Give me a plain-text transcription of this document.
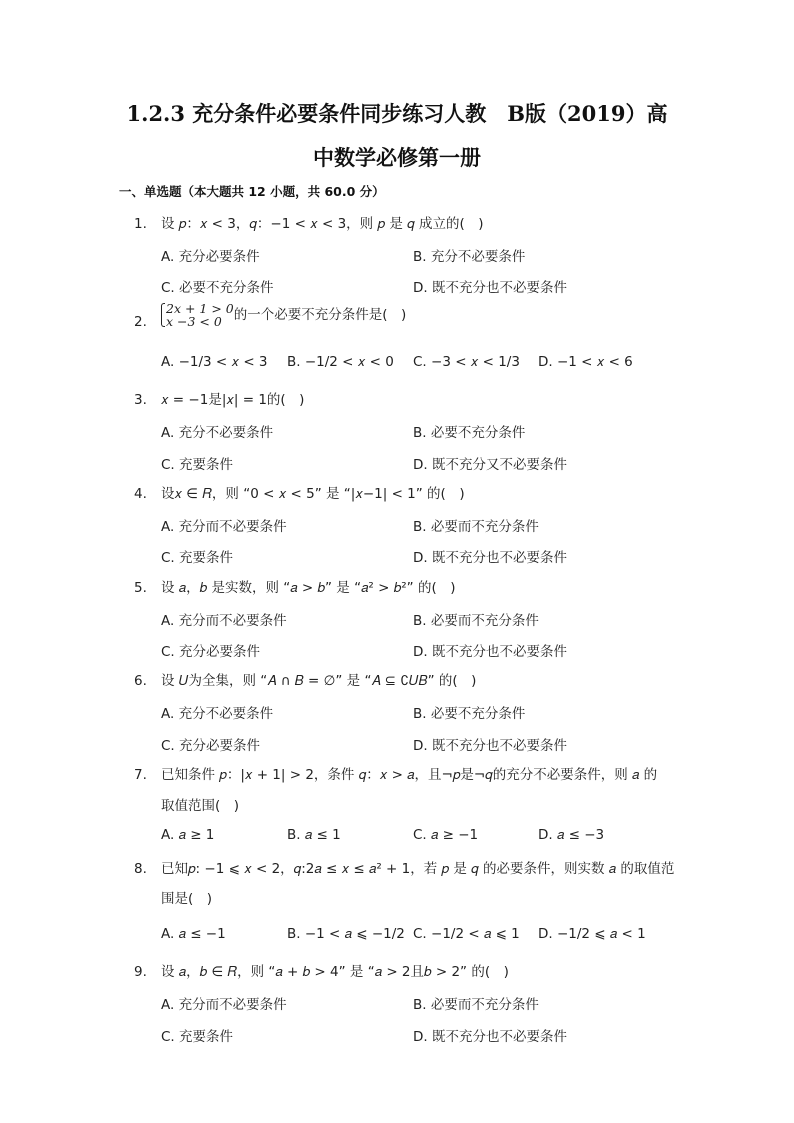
1.2.3 充分条件必要条件同步练习人教　B版（2019）高
中数学必修第一册
一、单选题（本大题共 12 小题，共 60.0 分）
1.	设 𝑝：𝑥 < 3，𝑞：−1 < 𝑥 < 3，则 𝑝 是 𝑞 成立的(　)
A. 充分必要条件	B. 充分不必要条件
C. 必要不充分条件	D. 既不充分也不必要条件
2.
2𝑥 + 1 > 0
𝑥 −3 < 0 的一个必要不充分条件是(　)
A. −1/3 < 𝑥 < 3 B. −1/2 < 𝑥 < 0 C. −3 < 𝑥 < 1/3 D. −1 < 𝑥 < 6
3.	𝑥 = −1是|𝑥| = 1的(　)
A. 充分不必要条件	B. 必要不充分条件
C. 充要条件	D. 既不充分又不必要条件
4.	设𝑥 ∈ 𝑅，则 “0 < 𝑥 < 5” 是 “|𝑥−1| < 1” 的(　)
A. 充分而不必要条件	B. 必要而不充分条件
C. 充要条件	D. 既不充分也不必要条件
5.	设 𝑎，𝑏 是实数，则 “𝑎 > 𝑏” 是 “𝑎² > 𝑏²” 的(　)
A. 充分而不必要条件	B. 必要而不充分条件
C. 充分必要条件	D. 既不充分也不必要条件
6.	设 𝑈为全集，则 “𝐴 ∩ 𝐵 = ∅” 是 “𝐴 ⊆ ∁𝑈𝐵” 的(　)
A. 充分不必要条件	B. 必要不充分条件
C. 充分必要条件	D. 既不充分也不必要条件
7.	已知条件 𝑝：|𝑥 + 1| > 2，条件 𝑞：𝑥 > 𝑎，且¬𝑝是¬𝑞的充分不必要条件，则 𝑎 的
取值范围(　)
A. 𝑎 ≥ 1	B. 𝑎 ≤ 1	C. 𝑎 ≥ −1	D. 𝑎 ≤ −3
8.	已知𝑝: −1 ⩽ 𝑥 < 2，𝑞:2𝑎 ≤ 𝑥 ≤ 𝑎² + 1，若 𝑝 是 𝑞 的必要条件，则实数 𝑎 的取值范
围是(　)
A. 𝑎 ≤ −1	B. −1 < 𝑎 ⩽ −1/2 C. −1/2 < 𝑎 ⩽ 1 D. −1/2 ⩽ 𝑎 < 1
9.	设 𝑎，𝑏 ∈ 𝑅，则 “𝑎 + 𝑏 > 4” 是 “𝑎 > 2且𝑏 > 2” 的(　)
A. 充分而不必要条件	B. 必要而不充分条件
C. 充要条件	D. 既不充分也不必要条件
